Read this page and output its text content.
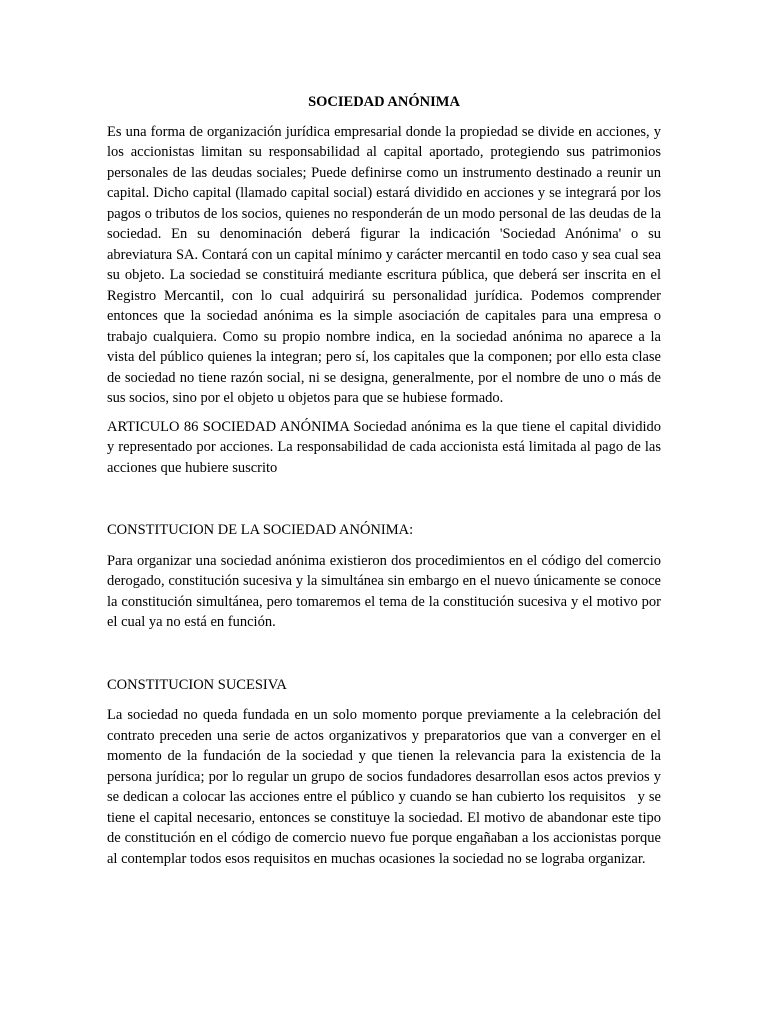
SOCIEDAD ANÓNIMA

Es una forma de organización jurídica empresarial donde la propiedad se divide en acciones, y los accionistas limitan su responsabilidad al capital aportado, protegiendo sus patrimonios personales de las deudas sociales; Puede definirse como un instrumento destinado a reunir un capital. Dicho capital (llamado capital social) estará dividido en acciones y se integrará por los pagos o tributos de los socios, quienes no responderán de un modo personal de las deudas de la sociedad. En su denominación deberá figurar la indicación 'Sociedad Anónima' o su abreviatura SA. Contará con un capital mínimo y carácter mercantil en todo caso y sea cual sea su objeto. La sociedad se constituirá mediante escritura pública, que deberá ser inscrita en el Registro Mercantil, con lo cual adquirirá su personalidad jurídica. Podemos comprender entonces que la sociedad anónima es la simple asociación de capitales para una empresa o trabajo cualquiera. Como su propio nombre indica, en la sociedad anónima no aparece a la vista del público quienes la integran; pero sí, los capitales que la componen; por ello esta clase de sociedad no tiene razón social, ni se designa, generalmente, por el nombre de uno o más de sus socios, sino por el objeto u objetos para que se hubiese formado.

ARTICULO 86 SOCIEDAD ANÓNIMA Sociedad anónima es la que tiene el capital dividido y representado por acciones. La responsabilidad de cada accionista está limitada al pago de las acciones que hubiere suscrito

CONSTITUCION DE LA SOCIEDAD ANÓNIMA:

Para organizar una sociedad anónima existieron dos procedimientos en el código del comercio derogado, constitución sucesiva y la simultánea sin embargo en el nuevo únicamente se conoce la constitución simultánea, pero tomaremos el tema de la constitución sucesiva y el motivo por el cual ya no está en función.

CONSTITUCION SUCESIVA

La sociedad no queda fundada en un solo momento porque previamente a la celebración del contrato preceden una serie de actos organizativos y preparatorios que van a converger en el momento de la fundación de la sociedad y que tienen la relevancia para la existencia de la persona jurídica; por lo regular un grupo de socios fundadores desarrollan esos actos previos y se dedican a colocar las acciones entre el público y cuando se han cubierto los requisitos   y se tiene el capital necesario, entonces se constituye la sociedad. El motivo de abandonar este tipo de constitución en el código de comercio nuevo fue porque engañaban a los accionistas porque al contemplar todos esos requisitos en muchas ocasiones la sociedad no se lograba organizar.
